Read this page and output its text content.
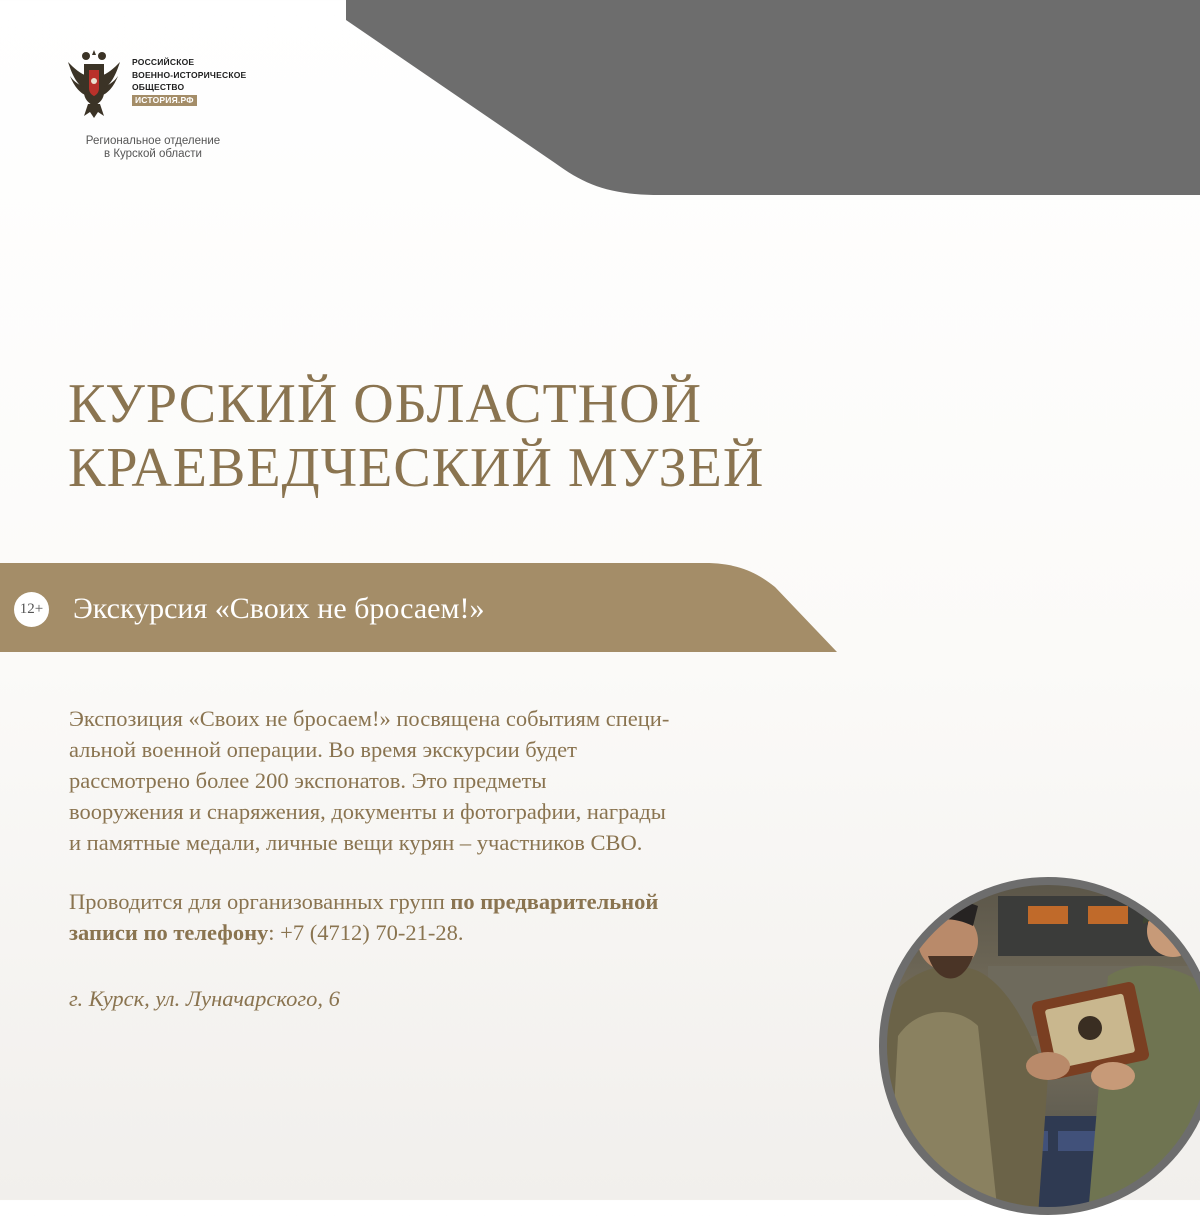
РОССИЙСКОЕ
ВОЕННО-ИСТОРИЧЕСКОЕ
ОБЩЕСТВО
ИСТОРИЯ.РФ
Региональное отделение
в Курской области
КУРСКИЙ ОБЛАСТНОЙ
КРАЕВЕДЧЕСКИЙ МУЗЕЙ
12+ Экскурсия «Своих не бросаем!»
Экспозиция «Своих не бросаем!» посвящена событиям специ-
альной военной операции. Во время экскурсии будет
рассмотрено более 200 экспонатов. Это предметы
вооружения и снаряжения, документы и фотографии, награды
и памятные медали, личные вещи курян – участников СВО.
Проводится для организованных групп по предварительной
записи по телефону: +7 (4712) 70-21-28.
г. Курск, ул. Луначарского, 6
